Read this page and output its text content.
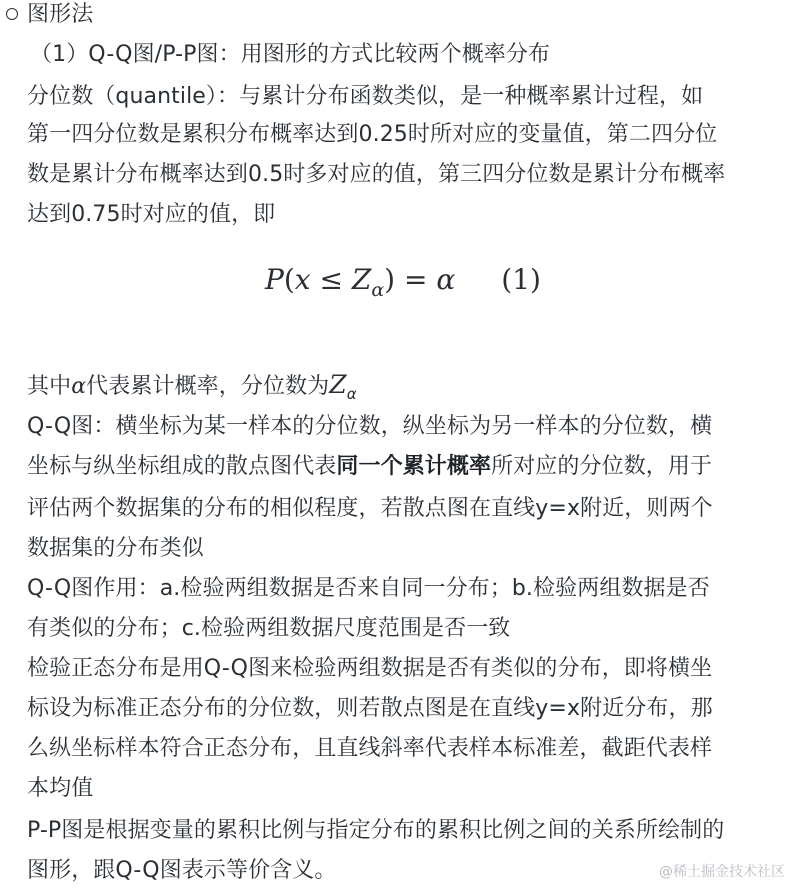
图形法
（1）Q-Q图/P-P图：用图形的方式比较两个概率分布
分位数（quantile）：与累计分布函数类似，是一种概率累计过程，如
第一四分位数是累积分布概率达到0.25时所对应的变量值，第二四分位
数是累计分布概率达到0.5时多对应的值，第三四分位数是累计分布概率
达到0.75时对应的值，即
$P(x \le Z_\alpha) = \alpha$ (1)
其中α代表累计概率，分位数为$Z_\alpha$
Q-Q图：横坐标为某一样本的分位数，纵坐标为另一样本的分位数，横
坐标与纵坐标组成的散点图代表同一个累计概率所对应的分位数，用于
评估两个数据集的分布的相似程度，若散点图在直线y=x附近，则两个
数据集的分布类似
Q-Q图作用：a.检验两组数据是否来自同一分布；b.检验两组数据是否
有类似的分布；c.检验两组数据尺度范围是否一致
检验正态分布是用Q-Q图来检验两组数据是否有类似的分布，即将横坐
标设为标准正态分布的分位数，则若散点图是在直线y=x附近分布，那
么纵坐标样本符合正态分布，且直线斜率代表样本标准差，截距代表样
本均值
P-P图是根据变量的累积比例与指定分布的累积比例之间的关系所绘制的
图形，跟Q-Q图表示等价含义。	@稀土掘金技术社区
